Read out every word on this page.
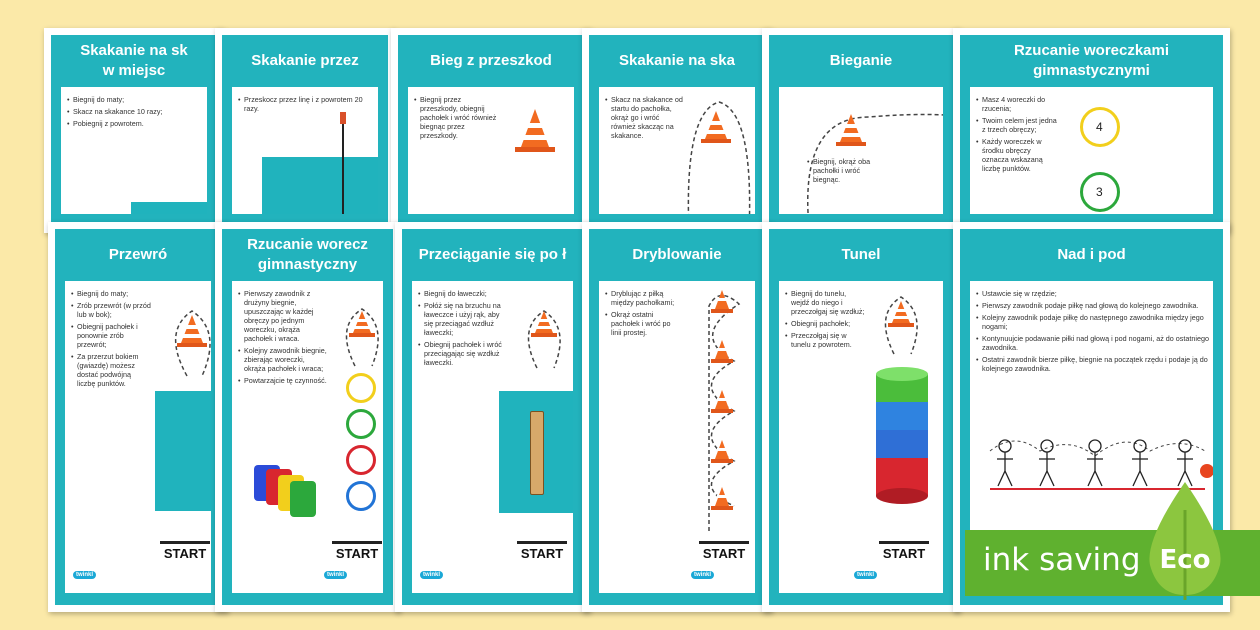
Skakanie na sk
w miejsc
• Biegnij do maty;
• Skacz na skakance 10 razy;
• Pobiegnij z powrotem.
Skakanie przez
• Przeskocz przez linę i z powrotem 20 razy.
Bieg z przeszkod
• Biegnij przez przeszkody, obiegnij pachołek i wróć również biegnąc przez przeszkody.
Skakanie na ska
• Skacz na skakance od startu do pachołka, okrąż go i wróć również skacząc na skakance.
Bieganie
• Biegnij, okrąż oba pachołki i wróć biegnąc.
Rzucanie woreczkami
gimnastycznymi
• Masz 4 woreczki do rzucenia;
• Twoim celem jest jedna z trzech obręczy;
• Każdy woreczek w środku obręczy oznacza wskazaną liczbę punktów.
4
3
Przewró
• Biegnij do maty;
• Zrób przewrót (w przód lub w bok);
• Obiegnij pachołek i ponownie zrób przewrót;
• Za przerzut bokiem (gwiazdę) możesz dostać podwójną liczbę punktów.
START
twinkl
Rzucanie worecz
gimnastyczny
• Pierwszy zawodnik z drużyny biegnie, upuszczając w każdej obręczy po jednym woreczku, okrąża pachołek i wraca.
• Kolejny zawodnik biegnie, zbierając woreczki, okrąża pachołek i wraca;
• Powtarzajcie tę czynność.
START
twinkl
Przeciąganie się po ł
• Biegnij do ławeczki;
• Połóż się na brzuchu na ławeczce i użyj rąk, aby się przeciągać wzdłuż ławeczki;
• Obiegnij pachołek i wróć przeciągając się wzdłuż ławeczki.
START
twinkl
Dryblowanie
• Dryblując z piłką między pachołkami;
• Okrąż ostatni pachołek i wróć po linii prostej.
START
twinkl
Tunel
• Biegnij do tunelu, wejdź do niego i przeczołgaj się wzdłuż;
• Obiegnij pachołek;
• Przeczołgaj się w tunelu z powrotem.
START
twinkl
Nad i pod
• Ustawcie się w rzędzie;
• Pierwszy zawodnik podaje piłkę nad głową do kolejnego zawodnika.
• Kolejny zawodnik podaje piłkę do następnego zawodnika między jego nogami;
• Kontynuujcie podawanie piłki nad głową i pod nogami, aż do ostatniego zawodnika.
• Ostatni zawodnik bierze piłkę, biegnie na początek rzędu i podaje ją do kolejnego zawodnika.
ink saving Eco
